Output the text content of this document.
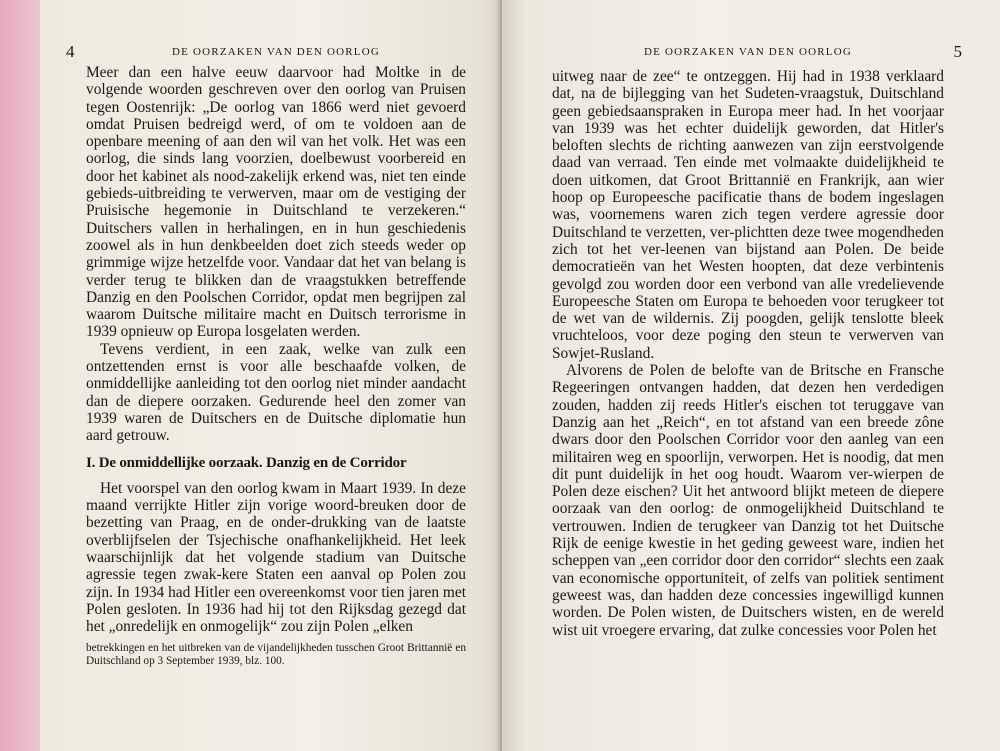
4	DE OORZAKEN VAN DEN OORLOG

Meer dan een halve eeuw daarvoor had Moltke in de volgende woorden geschreven over den oorlog van Pruisen tegen Oostenrijk: „De oorlog van 1866 werd niet gevoerd omdat Pruisen bedreigd werd, of om te voldoen aan de openbare meening of aan den wil van het volk. Het was een oorlog, die sinds lang voorzien, doelbewust voorbereid en door het kabinet als nood-zakelijk erkend was, niet ten einde gebieds-uitbreiding te verwerven, maar om de vestiging der Pruisische hegemonie in Duitschland te verzekeren.“ Duitschers vallen in herhalingen, en in hun geschiedenis zoowel als in hun denkbeelden doet zich steeds weder op grimmige wijze hetzelfde voor. Vandaar dat het van belang is verder terug te blikken dan de vraagstukken betreffende Danzig en den Poolschen Corridor, opdat men begrijpen zal waarom Duitsche militaire macht en Duitsch terrorisme in 1939 opnieuw op Europa losgelaten werden.

Tevens verdient, in een zaak, welke van zulk een ontzettenden ernst is voor alle beschaafde volken, de onmiddellijke aanleiding tot den oorlog niet minder aandacht dan de diepere oorzaken. Gedurende heel den zomer van 1939 waren de Duitschers en de Duitsche diplomatie hun aard getrouw.

I. De onmiddellijke oorzaak. Danzig en de Corridor

Het voorspel van den oorlog kwam in Maart 1939. In deze maand verrijkte Hitler zijn vorige woord-breuken door de bezetting van Praag, en de onder-drukking van de laatste overblijfselen der Tsjechische onafhankelijkheid. Het leek waarschijnlijk dat het volgende stadium van Duitsche agressie tegen zwak-kere Staten een aanval op Polen zou zijn. In 1934 had Hitler een overeenkomst voor tien jaren met Polen gesloten. In 1936 had hij tot den Rijksdag gezegd dat het „onredelijk en onmogelijk“ zou zijn Polen „elken

betrekkingen en het uitbreken van de vijandelijkheden tusschen Groot Brittannië en Duitschland op 3 September 1939, blz. 100.
DE OORZAKEN VAN DEN OORLOG	5

uitweg naar de zee“ te ontzeggen. Hij had in 1938 verklaard dat, na de bijlegging van het Sudeten-vraagstuk, Duitschland geen gebiedsaanspraken in Europa meer had. In het voorjaar van 1939 was het echter duidelijk geworden, dat Hitler's beloften slechts de richting aanwezen van zijn eerstvolgende daad van verraad. Ten einde met volmaakte duidelijkheid te doen uitkomen, dat Groot Brittannië en Frankrijk, aan wier hoop op Europeesche pacificatie thans de bodem ingeslagen was, voornemens waren zich tegen verdere agressie door Duitschland te verzetten, ver-plichtten deze twee mogendheden zich tot het ver-leenen van bijstand aan Polen. De beide democratieën van het Westen hoopten, dat deze verbintenis gevolgd zou worden door een verbond van alle vredelievende Europeesche Staten om Europa te behoeden voor terugkeer tot de wet van de wildernis. Zij poogden, gelijk tenslotte bleek vruchteloos, voor deze poging den steun te verwerven van Sowjet-Rusland.

Alvorens de Polen de belofte van de Britsche en Fransche Regeeringen ontvangen hadden, dat dezen hen verdedigen zouden, hadden zij reeds Hitler's eischen tot teruggave van Danzig aan het „Reich“, en tot afstand van een breede zône dwars door den Poolschen Corridor voor den aanleg van een militairen weg en spoorlijn, verworpen. Het is noodig, dat men dit punt duidelijk in het oog houdt. Waarom ver-wierpen de Polen deze eischen? Uit het antwoord blijkt meteen de diepere oorzaak van den oorlog: de onmogelijkheid Duitschland te vertrouwen. Indien de terugkeer van Danzig tot het Duitsche Rijk de eenige kwestie in het geding geweest ware, indien het scheppen van „een corridor door den corridor“ slechts een zaak van economische opportuniteit, of zelfs van politiek sentiment geweest was, dan hadden deze concessies ingewilligd kunnen worden. De Polen wisten, de Duitschers wisten, en de wereld wist uit vroegere ervaring, dat zulke concessies voor Polen het
